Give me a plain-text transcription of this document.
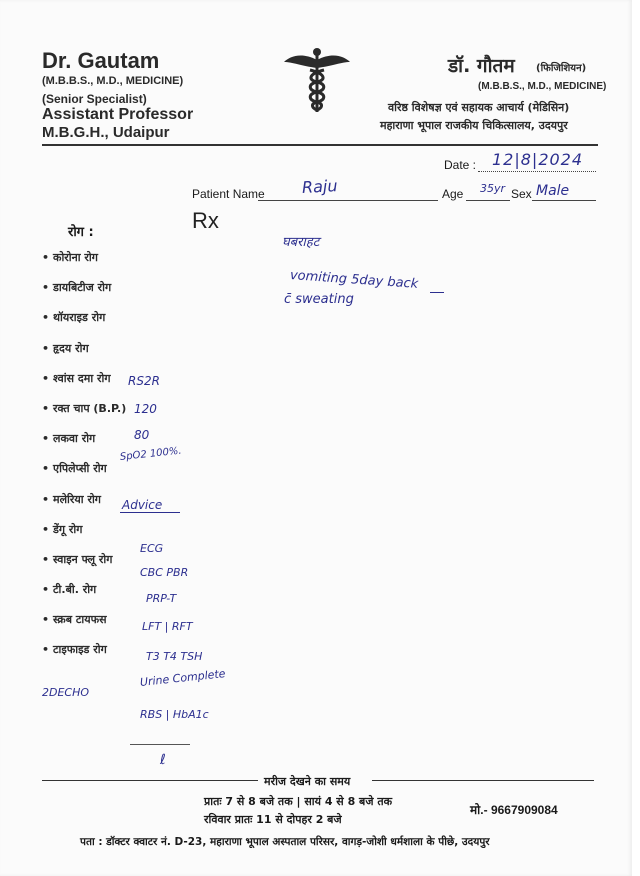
Dr. Gautam
(M.B.B.S., M.D., MEDICINE)
(Senior Specialist)
Assistant Professor
M.B.G.H., Udaipur
डॉ. गौतम (फिजिशियन)
(M.B.B.S., M.D., MEDICINE)
वरिष्ठ विशेषज्ञ एवं सहायक आचार्य (मेडिसिन)
महाराणा भूपाल राजकीय चिकित्सालय, उदयपुर
Date : 12|8|2024
Patient Name Raju	Age 35yr Sex Male
Rx
रोग :
• कोरोना रोग
• डायबिटीज रोग
• थॉयराइड रोग
• हृदय रोग
• श्वांस दमा रोग
• रक्त चाप (B.P.)
• लकवा रोग
• एपिलेप्सी रोग
• मलेरिया रोग
• डेंगू रोग
• स्वाइन फ्लू रोग
• टी.बी. रोग
• स्क्रब टायफस
• टाइफाइड रोग
घबराहट
vomiting 5day back
c̄ sweating
RS2R
120
80
SpO2 100%.
Advice
ECG
CBC PBR
PRP-T
LFT | RFT
T3 T4 TSH
2DECHO
Urine Complete
RBS | HbA1c
ℓ
मरीज देखने का समय
प्रातः 7 से 8 बजे तक | सायं 4 से 8 बजे तक
रविवार प्रातः 11 से दोपहर 2 बजे
मो.- 9667909084
पता : डॉक्टर क्वाटर नं. D-23, महाराणा भूपाल अस्पताल परिसर, वागड़-जोशी धर्मशाला के पीछे, उदयपुर
